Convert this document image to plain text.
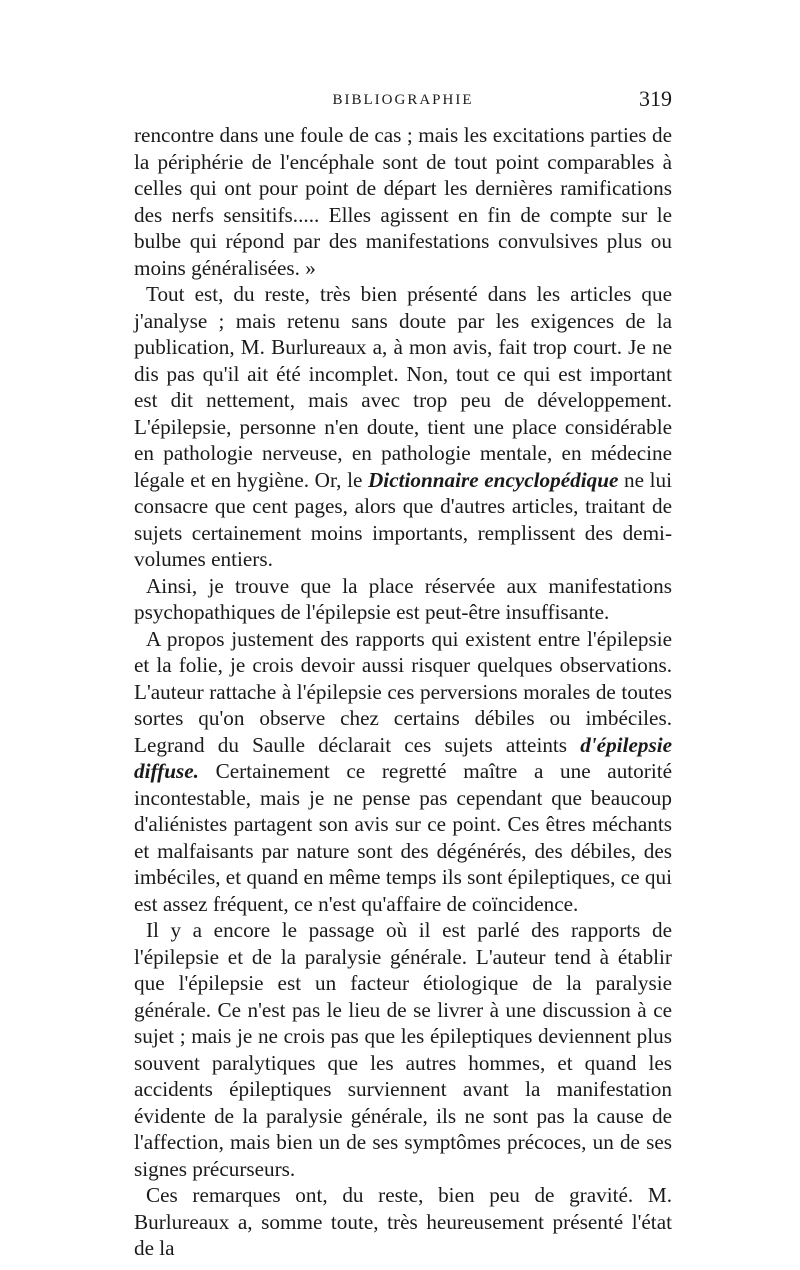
BIBLIOGRAPHIE	319

rencontre dans une foule de cas ; mais les excitations parties de la périphérie de l'encéphale sont de tout point comparables à celles qui ont pour point de départ les dernières ramifications des nerfs sensitifs..... Elles agissent en fin de compte sur le bulbe qui répond par des manifestations convulsives plus ou moins généralisées. »

Tout est, du reste, très bien présenté dans les articles que j'analyse ; mais retenu sans doute par les exigences de la publication, M. Burlureaux a, à mon avis, fait trop court. Je ne dis pas qu'il ait été incomplet. Non, tout ce qui est important est dit nettement, mais avec trop peu de développement. L'épilepsie, personne n'en doute, tient une place considérable en pathologie nerveuse, en pathologie mentale, en médecine légale et en hygiène. Or, le Dictionnaire encyclopédique ne lui consacre que cent pages, alors que d'autres articles, traitant de sujets certainement moins importants, remplissent des demi-volumes entiers.

Ainsi, je trouve que la place réservée aux manifestations psychopathiques de l'épilepsie est peut-être insuffisante.

A propos justement des rapports qui existent entre l'épilepsie et la folie, je crois devoir aussi risquer quelques observations. L'auteur rattache à l'épilepsie ces perversions morales de toutes sortes qu'on observe chez certains débiles ou imbéciles. Legrand du Saulle déclarait ces sujets atteints d'épilepsie diffuse. Certainement ce regretté maître a une autorité incontestable, mais je ne pense pas cependant que beaucoup d'aliénistes partagent son avis sur ce point. Ces êtres méchants et malfaisants par nature sont des dégénérés, des débiles, des imbéciles, et quand en même temps ils sont épileptiques, ce qui est assez fréquent, ce n'est qu'affaire de coïncidence.

Il y a encore le passage où il est parlé des rapports de l'épilepsie et de la paralysie générale. L'auteur tend à établir que l'épilepsie est un facteur étiologique de la paralysie générale. Ce n'est pas le lieu de se livrer à une discussion à ce sujet ; mais je ne crois pas que les épileptiques deviennent plus souvent paralytiques que les autres hommes, et quand les accidents épileptiques surviennent avant la manifestation évidente de la paralysie générale, ils ne sont pas la cause de l'affection, mais bien un de ses symptômes précoces, un de ses signes précurseurs.

Ces remarques ont, du reste, bien peu de gravité. M. Burlureaux a, somme toute, très heureusement présenté l'état de la
